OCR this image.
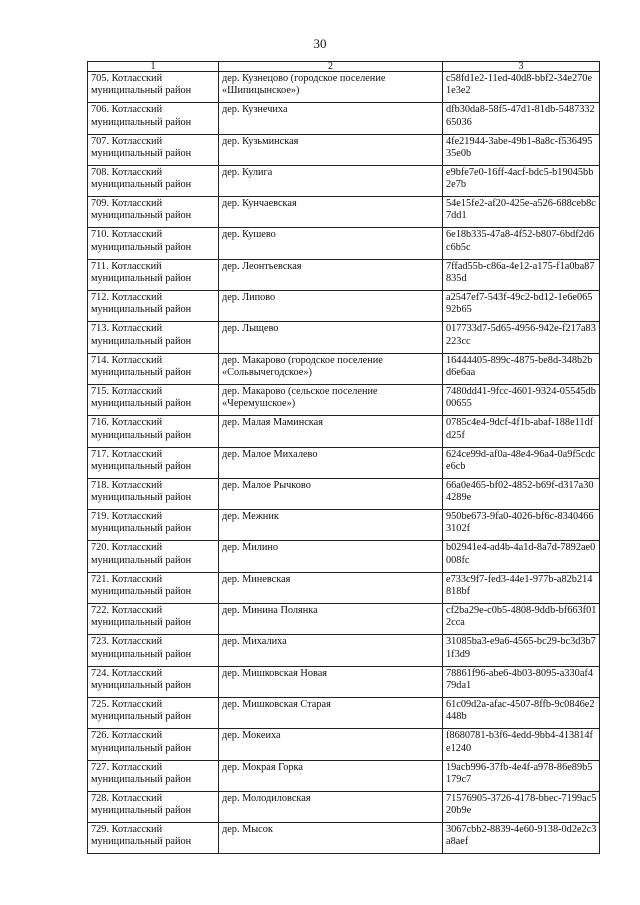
30
1	2	3
705. Котласский муниципальный район	дер. Кузнецово (городское поселение «Шипицынское»)	c58fd1e2-11ed-40d8-bbf2-34e270e1e3e2
706. Котласский муниципальный район	дер. Кузнечиха	dfb30da8-58f5-47d1-81db-548733265036
707. Котласский муниципальный район	дер. Кузьминская	4fe21944-3abe-49b1-8a8c-f53649535e0b
708. Котласский муниципальный район	дер. Кулига	e9bfe7e0-16ff-4acf-bdc5-b19045bb2e7b
709. Котласский муниципальный район	дер. Кунчаевская	54e15fe2-af20-425e-a526-688ceb8c7dd1
710. Котласский муниципальный район	дер. Кушево	6e18b335-47a8-4f52-b807-6bdf2d6c6b5c
711. Котласский муниципальный район	дер. Леонтьевская	7ffad55b-c86a-4e12-a175-f1a0ba87835d
712. Котласский муниципальный район	дер. Липово	a2547ef7-543f-49c2-bd12-1e6e06592b65
713. Котласский муниципальный район	дер. Лыщево	017733d7-5d65-4956-942e-f217a83223cc
714. Котласский муниципальный район	дер. Макарово (городское поселение «Сольвычегодское»)	16444405-899c-4875-be8d-348b2bd6e6aa
715. Котласский муниципальный район	дер. Макарово (сельское поселение «Черемушское»)	7480dd41-9fcc-4601-9324-05545db00655
716. Котласский муниципальный район	дер. Малая Маминская	0785c4e4-9dcf-4f1b-abaf-188e11dfd25f
717. Котласский муниципальный район	дер. Малое Михалево	624ce99d-af0a-48e4-96a4-0a9f5cdce6cb
718. Котласский муниципальный район	дер. Малое Рычково	66a0e465-bf02-4852-b69f-d317a304289e
719. Котласский муниципальный район	дер. Межник	950be673-9fa0-4026-bf6c-83404663102f
720. Котласский муниципальный район	дер. Милино	b02941e4-ad4b-4a1d-8a7d-7892ae0008fc
721. Котласский муниципальный район	дер. Миневская	e733c9f7-fed3-44e1-977b-a82b214818bf
722. Котласский муниципальный район	дер. Минина Полянка	cf2ba29e-c0b5-4808-9ddb-bf663f012cca
723. Котласский муниципальный район	дер. Михалиха	31085ba3-e9a6-4565-bc29-bc3d3b71f3d9
724. Котласский муниципальный район	дер. Мишковская Новая	78861f96-abe6-4b03-8095-a330af479da1
725. Котласский муниципальный район	дер. Мишковская Старая	61c09d2a-afac-4507-8ffb-9c0846e2448b
726. Котласский муниципальный район	дер. Мокеиха	f8680781-b3f6-4edd-9bb4-413814fe1240
727. Котласский муниципальный район	дер. Мокрая Горка	19acb996-37fb-4e4f-a978-86e89b5179c7
728. Котласский муниципальный район	дер. Молодиловская	71576905-3726-4178-bbec-7199ac520b9e
729. Котласский муниципальный район	дер. Мысок	3067cbb2-8839-4e60-9138-0d2e2c3a8aef
